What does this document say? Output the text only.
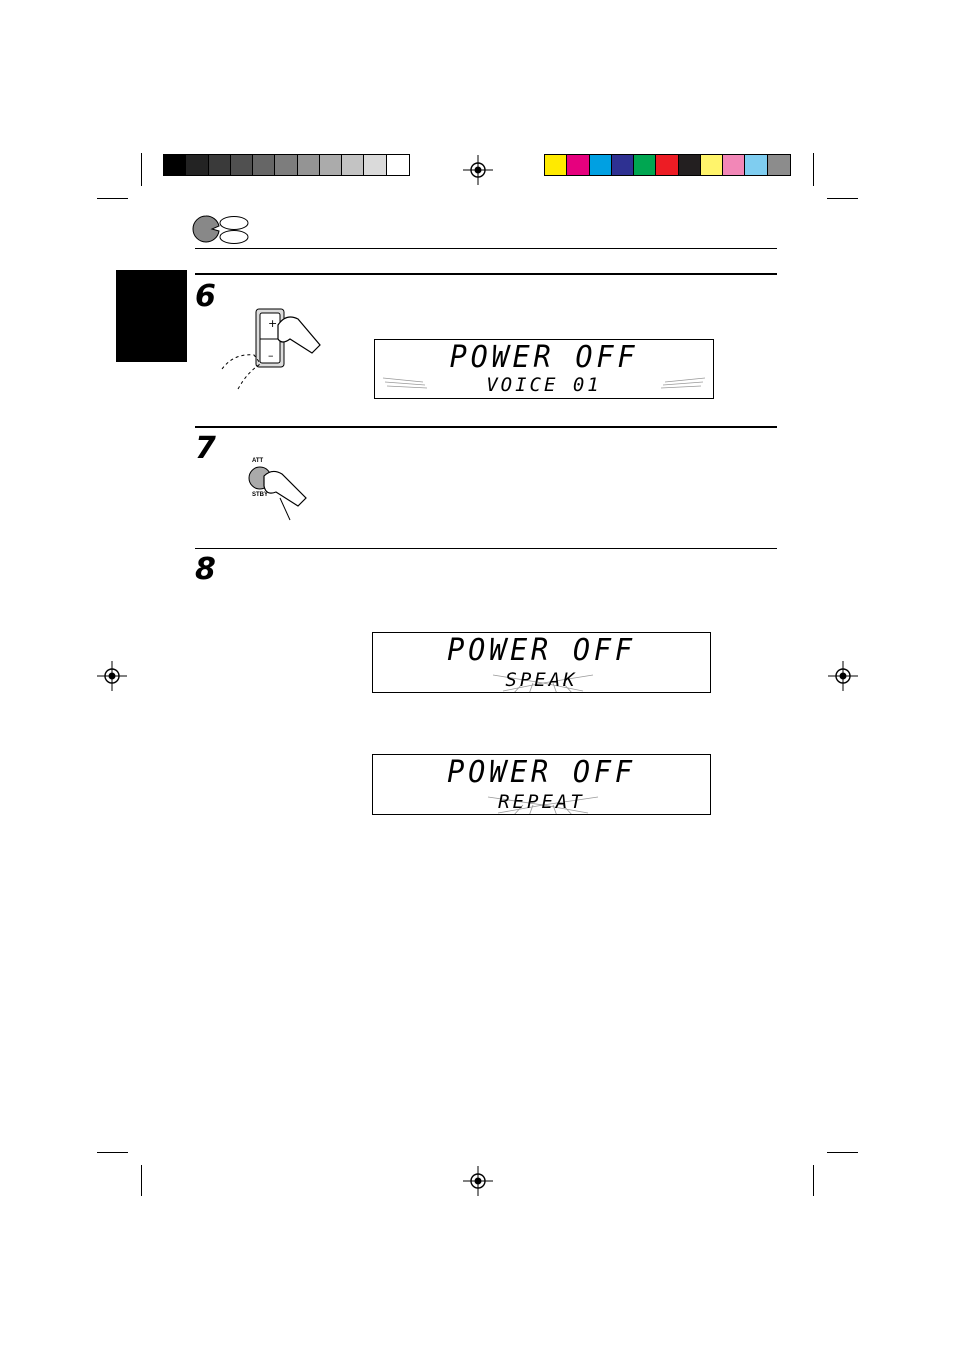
6
+
–	POWER OFF
VOICE 01
7	ATT
STBY
8
POWER OFF
SPEAK
POWER OFF
REPEAT
